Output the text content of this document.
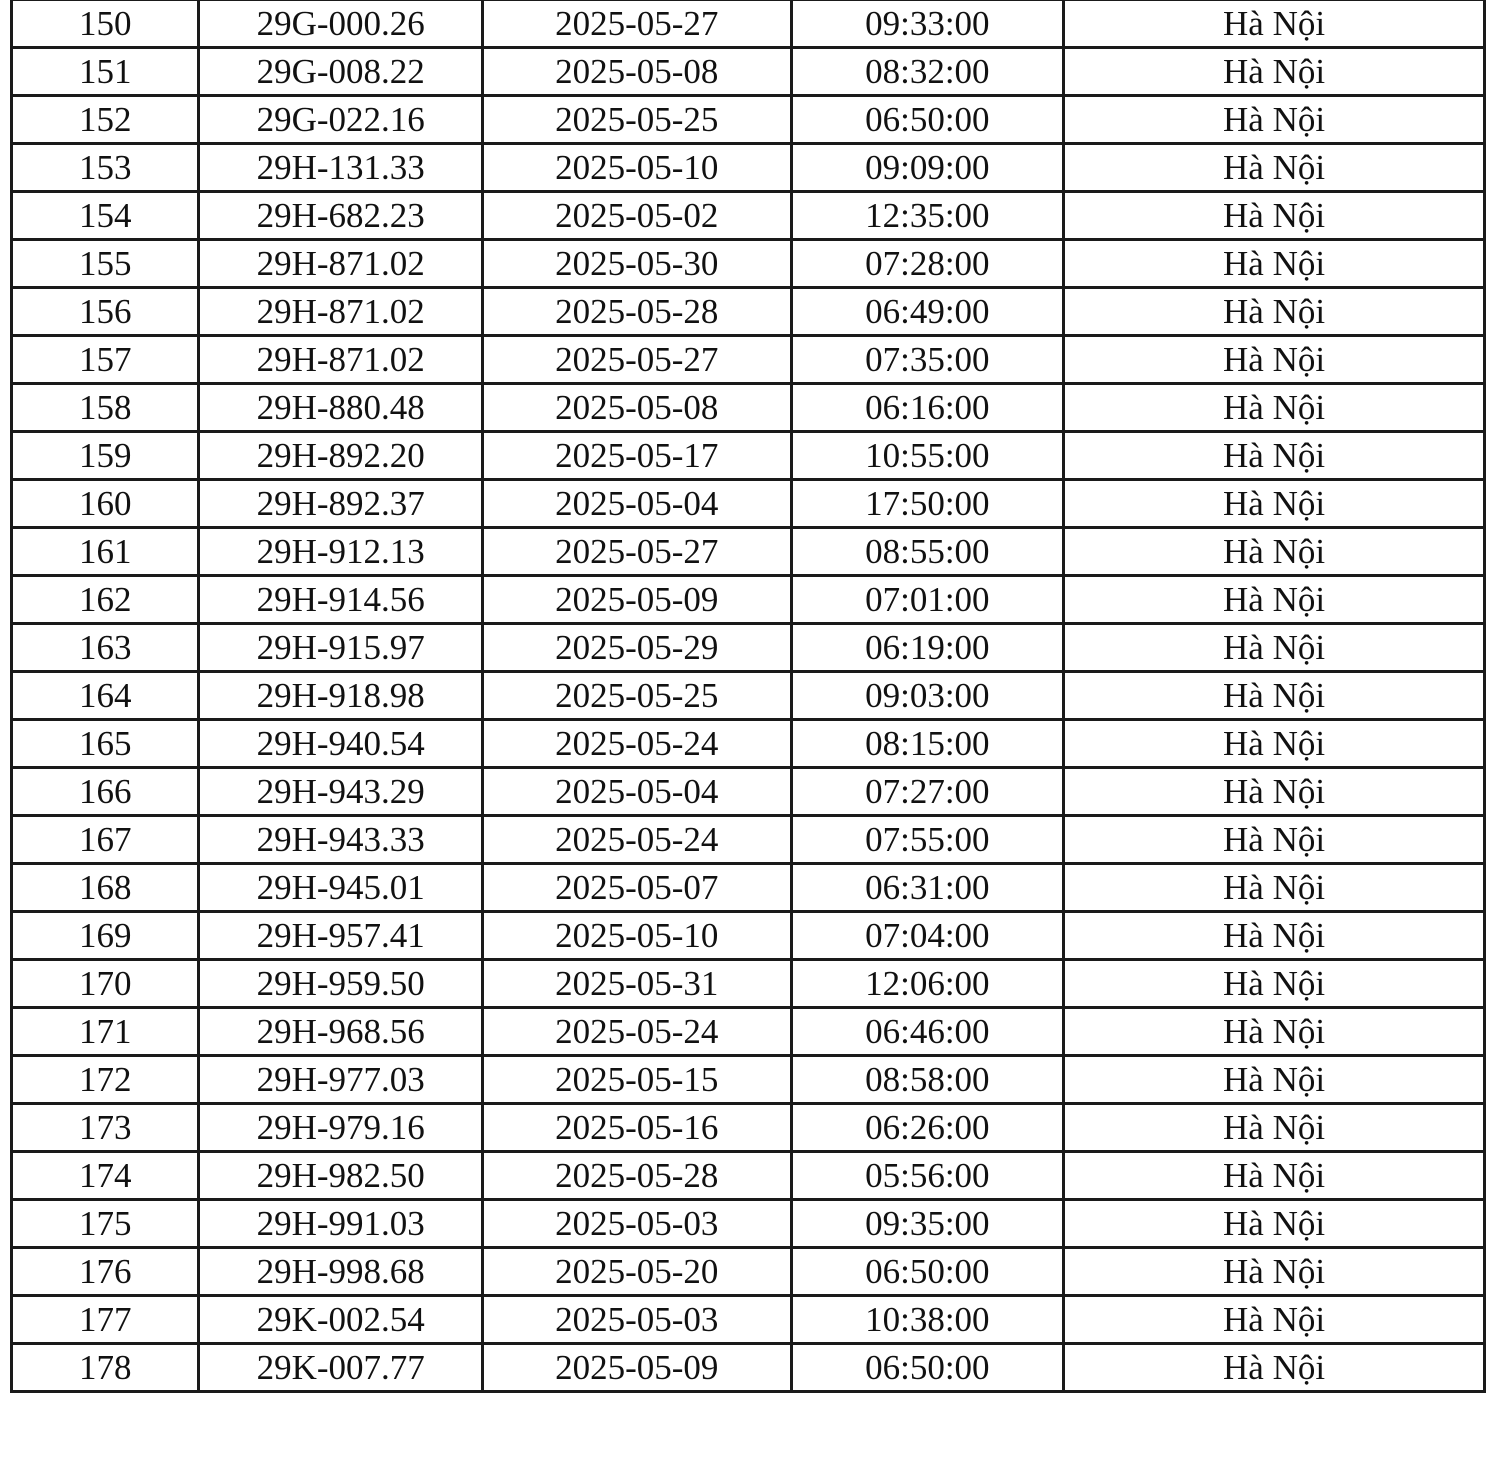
150	29G-000.26	2025-05-27	09:33:00	Hà Nội
151	29G-008.22	2025-05-08	08:32:00	Hà Nội
152	29G-022.16	2025-05-25	06:50:00	Hà Nội
153	29H-131.33	2025-05-10	09:09:00	Hà Nội
154	29H-682.23	2025-05-02	12:35:00	Hà Nội
155	29H-871.02	2025-05-30	07:28:00	Hà Nội
156	29H-871.02	2025-05-28	06:49:00	Hà Nội
157	29H-871.02	2025-05-27	07:35:00	Hà Nội
158	29H-880.48	2025-05-08	06:16:00	Hà Nội
159	29H-892.20	2025-05-17	10:55:00	Hà Nội
160	29H-892.37	2025-05-04	17:50:00	Hà Nội
161	29H-912.13	2025-05-27	08:55:00	Hà Nội
162	29H-914.56	2025-05-09	07:01:00	Hà Nội
163	29H-915.97	2025-05-29	06:19:00	Hà Nội
164	29H-918.98	2025-05-25	09:03:00	Hà Nội
165	29H-940.54	2025-05-24	08:15:00	Hà Nội
166	29H-943.29	2025-05-04	07:27:00	Hà Nội
167	29H-943.33	2025-05-24	07:55:00	Hà Nội
168	29H-945.01	2025-05-07	06:31:00	Hà Nội
169	29H-957.41	2025-05-10	07:04:00	Hà Nội
170	29H-959.50	2025-05-31	12:06:00	Hà Nội
171	29H-968.56	2025-05-24	06:46:00	Hà Nội
172	29H-977.03	2025-05-15	08:58:00	Hà Nội
173	29H-979.16	2025-05-16	06:26:00	Hà Nội
174	29H-982.50	2025-05-28	05:56:00	Hà Nội
175	29H-991.03	2025-05-03	09:35:00	Hà Nội
176	29H-998.68	2025-05-20	06:50:00	Hà Nội
177	29K-002.54	2025-05-03	10:38:00	Hà Nội
178	29K-007.77	2025-05-09	06:50:00	Hà Nội
